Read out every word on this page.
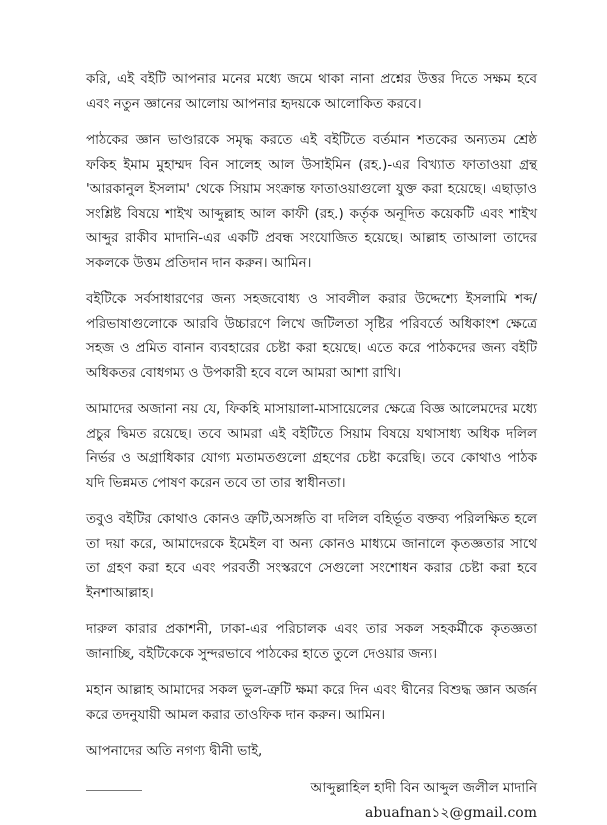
করি, এই বইটি আপনার মনের মধ্যে জমে থাকা নানা প্রশ্নের উত্তর দিতে সক্ষম হবে এবং নতুন জ্ঞানের আলোয় আপনার হৃদয়কে আলোকিত করবে।

পাঠকের জ্ঞান ভাণ্ডারকে সমৃদ্ধ করতে এই বইটিতে বর্তমান শতকের অন্যতম শ্রেষ্ঠ ফকিহ ইমাম মুহাম্মদ বিন সালেহ আল উসাইমিন (রহ.)-এর বিখ্যাত ফাতাওয়া গ্রন্থ 'আরকানুল ইসলাম' থেকে সিয়াম সংক্রান্ত ফাতাওয়াগুলো যুক্ত করা হয়েছে। এছাড়াও সংশ্লিষ্ট বিষয়ে শাইখ আব্দুল্লাহ আল কাফী (রহ.) কর্তৃক অনূদিত কয়েকটি এবং শাইখ আব্দুর রাকীব মাদানি-এর একটি প্রবন্ধ সংযোজিত হয়েছে। আল্লাহ তাআলা তাদের সকলকে উত্তম প্রতিদান দান করুন। আমিন।

বইটিকে সর্বসাধারণের জন্য সহজবোধ্য ও সাবলীল করার উদ্দেশ্যে ইসলামি শব্দ/পরিভাষাগুলোকে আরবি উচ্চারণে লিখে জটিলতা সৃষ্টির পরিবর্তে অধিকাংশ ক্ষেত্রে সহজ ও প্রমিত বানান ব্যবহারের চেষ্টা করা হয়েছে। এতে করে পাঠকদের জন্য বইটি অধিকতর বোধগম্য ও উপকারী হবে বলে আমরা আশা রাখি।

আমাদের অজানা নয় যে, ফিকহি মাসায়ালা-মাসায়েলের ক্ষেত্রে বিজ্ঞ আলেমদের মধ্যে প্রচুর দ্বিমত রয়েছে। তবে আমরা এই বইটিতে সিয়াম বিষয়ে যথাসাধ্য অধিক দলিল নির্ভর ও অগ্রাধিকার যোগ্য মতামতগুলো গ্রহণের চেষ্টা করেছি। তবে কোথাও পাঠক যদি ভিন্নমত পোষণ করেন তবে তা তার স্বাধীনতা।

তবুও বইটির কোথাও কোনও ত্রুটি,অসঙ্গতি বা দলিল বহির্ভূত বক্তব্য পরিলক্ষিত হলে তা দয়া করে, আমাদেরকে ইমেইল বা অন্য কোনও মাধ্যমে জানালে কৃতজ্ঞতার সাথে তা গ্রহণ করা হবে এবং পরবর্তী সংস্করণে সেগুলো সংশোধন করার চেষ্টা করা হবে ইনশাআল্লাহ।

দারুল কারার প্রকাশনী, ঢাকা-এর পরিচালক এবং তার সকল সহকর্মীকে কৃতজ্ঞতা জানাচ্ছি, বইটিকেকে সুন্দরভাবে পাঠকের হাতে তুলে দেওয়ার জন্য।

মহান আল্লাহ আমাদের সকল ভুল-ত্রুটি ক্ষমা করে দিন এবং দ্বীনের বিশুদ্ধ জ্ঞান অর্জন করে তদনুযায়ী আমল করার তাওফিক দান করুন। আমিন।

আপনাদের অতি নগণ্য দ্বীনী ভাই,

আব্দুল্লাহিল হাদী বিন আব্দুল জলীল মাদানি
abuafnan১২@gmail.com
